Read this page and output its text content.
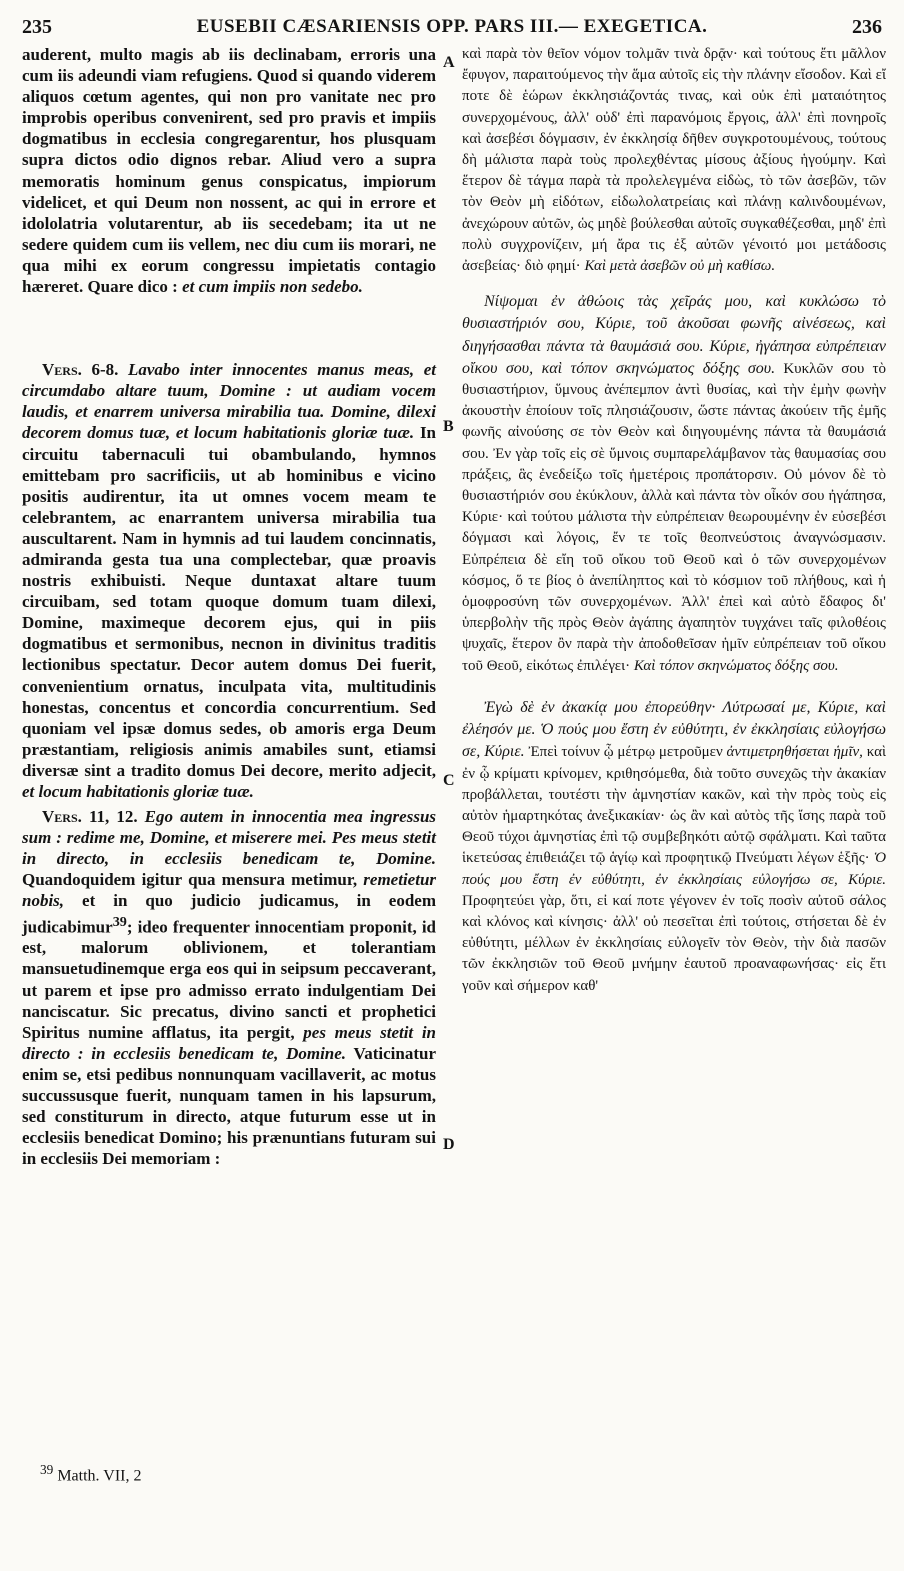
235	EUSEBII CÆSARIENSIS OPP. PARS III.— EXEGETICA.	236

auderent, multo magis ab iis declinabam, erroris una cum iis adeundi viam refugiens. Quod si quando viderem aliquos cœtum agentes, qui non pro vanitate nec pro improbis operibus convenirent, sed pro pravis et impiis dogmatibus in ecclesia congregarentur, hos plusquam supra dictos odio dignos rebar. Aliud vero a supra memoratis hominum genus conspicatus, impiorum videlicet, et qui Deum non nossent, ac qui in errore et idololatria volutarentur, ab iis secedebam; ita ut ne sedere quidem cum iis vellem, nec diu cum iis morari, ne qua mihi ex eorum congressu impietatis contagio hæreret. Quare dico : et cum impiis non sedebo.

Vers. 6-8. Lavabo inter innocentes manus meas, et circumdabo altare tuum, Domine : ut audiam vocem laudis, et enarrem universa mirabilia tua. Domine, dilexi decorem domus tuæ, et locum habitationis gloriæ tuæ. In circuitu tabernaculi tui obambulando, hymnos emittebam pro sacrificiis, ut ab hominibus e vicino positis audirentur, ita ut omnes vocem meam te celebrantem, ac enarrantem universa mirabilia tua auscultarent. Nam in hymnis ad tui laudem concinnatis, admiranda gesta tua una complectebar, quæ proavis nostris exhibuisti. Neque duntaxat altare tuum circuibam, sed totam quoque domum tuam dilexi, Domine, maximeque decorem ejus, qui in piis dogmatibus et sermonibus, necnon in divinitus traditis lectionibus spectatur. Decor autem domus Dei fuerit, convenientium ornatus, inculpata vita, multitudinis honestas, concentus et concordia concurrentium. Sed quoniam vel ipsæ domus sedes, ob amoris erga Deum præstantiam, religiosis animis amabiles sunt, etiamsi diversæ sint a tradito domus Dei decore, merito adjecit, et locum habitationis gloriæ tuæ.

Vers. 11, 12. Ego autem in innocentia mea ingressus sum : redime me, Domine, et miserere mei. Pes meus stetit in directo, in ecclesiis benedicam te, Domine. Quandoquidem igitur qua mensura metimur, remetietur nobis, et in quo judicio judicamus, in eodem judicabimur$^{39}$; ideo frequenter innocentiam proponit, id est, malorum oblivionem, et tolerantiam mansuetudinemque erga eos qui in seipsum peccaverant, ut parem et ipse pro admisso errato indulgentiam Dei nanciscatur. Sic precatus, divino sancti et prophetici Spiritus numine afflatus, ita pergit, pes meus stetit in directo : in ecclesiis benedicam te, Domine. Vaticinatur enim se, etsi pedibus nonnunquam vacillaverit, ac motus succussusque fuerit, nunquam tamen in his lapsurum, sed constiturum in directo, atque futurum esse ut in ecclesiis benedicat Domino; his prænuntians futuram sui in ecclesiis Dei memoriam :

A
B
C
D

καὶ παρὰ τὸν θεῖον νόμον τολμᾶν τινὰ δρᾷν· καὶ τούτους ἔτι μᾶλλον ἔφυγον, παραιτούμενος τὴν ἅμα αὐτοῖς εἰς τὴν πλάνην εἴσοδον. Καὶ εἴ ποτε δὲ ἑώρων ἐκκλησιάζοντάς τινας, καὶ οὐκ ἐπὶ ματαιότητος συνερχομένους, ἀλλ' οὐδ' ἐπὶ παρανόμοις ἔργοις, ἀλλ' ἐπὶ πονηροῖς καὶ ἀσεβέσι δόγμασιν, ἐν ἐκκλησίᾳ δῆθεν συγκροτουμένους, τούτους δὴ μάλιστα παρὰ τοὺς προλεχθέντας μίσους ἀξίους ἡγούμην. Καὶ ἕτερον δὲ τάγμα παρὰ τὰ προλελεγμένα εἰδὼς, τὸ τῶν ἀσεβῶν, τῶν τὸν Θεὸν μὴ εἰδότων, εἰδωλολατρείαις καὶ πλάνῃ καλινδουμένων, ἀνεχώρουν αὐτῶν, ὡς μηδὲ βούλεσθαι αὐτοῖς συγκαθέζεσθαι, μηδ' ἐπὶ πολὺ συγχρονίζειν, μή ἄρα τις ἐξ αὐτῶν γένοιτό μοι μετάδοσις ἀσεβείας· διὸ φημί· Καὶ μετὰ ἀσεβῶν οὐ μὴ καθίσω.

Νίψομαι ἐν ἀθώοις τὰς χεῖράς μου, καὶ κυκλώσω τὸ θυσιαστήριόν σου, Κύριε, τοῦ ἀκοῦσαι φωνῆς αἰνέσεως, καὶ διηγήσασθαι πάντα τὰ θαυμάσιά σου. Κύριε, ἠγάπησα εὐπρέπειαν οἴκου σου, καὶ τόπον σκηνώματος δόξης σου. Κυκλῶν σου τὸ θυσιαστήριον, ὕμνους ἀνέπεμπον ἀντὶ θυσίας, καὶ τὴν ἐμὴν φωνὴν ἀκουστὴν ἐποίουν τοῖς πλησιάζουσιν, ὥστε πάντας ἀκούειν τῆς ἐμῆς φωνῆς αἰνούσης σε τὸν Θεὸν καὶ διηγουμένης πάντα τὰ θαυμάσιά σου. Ἐν γὰρ τοῖς εἰς σὲ ὕμνοις συμπαρελάμβανον τὰς θαυμασίας σου πράξεις, ἃς ἐνεδείξω τοῖς ἡμετέροις προπάτορσιν. Οὐ μόνον δὲ τὸ θυσιαστήριόν σου ἐκύκλουν, ἀλλὰ καὶ πάντα τὸν οἶκόν σου ἠγάπησα, Κύριε· καὶ τούτου μάλιστα τὴν εὐπρέπειαν θεωρουμένην ἐν εὐσεβέσι δόγμασι καὶ λόγοις, ἔν τε τοῖς θεοπνεύστοις ἀναγνώσμασιν. Εὐπρέπεια δὲ εἴη τοῦ οἴκου τοῦ Θεοῦ καὶ ὁ τῶν συνερχομένων κόσμος, ὅ τε βίος ὁ ἀνεπίληπτος καὶ τὸ κόσμιον τοῦ πλήθους, καὶ ἡ ὁμοφροσύνη τῶν συνερχομένων. Ἀλλ' ἐπεὶ καὶ αὐτὸ ἔδαφος δι' ὑπερβολὴν τῆς πρὸς Θεὸν ἀγάπης ἀγαπητὸν τυγχάνει ταῖς φιλοθέοις ψυχαῖς, ἕτερον ὂν παρὰ τὴν ἀποδοθεῖσαν ἡμῖν εὐπρέπειαν τοῦ οἴκου τοῦ Θεοῦ, εἰκότως ἐπιλέγει· Καὶ τόπον σκηνώματος δόξης σου.

Ἐγὼ δὲ ἐν ἀκακίᾳ μου ἐπορεύθην· Λύτρωσαί με, Κύριε, καὶ ἐλέησόν με. Ὁ πούς μου ἔστη ἐν εὐθύτητι, ἐν ἐκκλησίαις εὐλογήσω σε, Κύριε. Ἐπεὶ τοίνυν ᾧ μέτρῳ μετροῦμεν ἀντιμετρηθήσεται ἡμῖν, καὶ ἐν ᾧ κρίματι κρίνομεν, κριθησόμεθα, διὰ τοῦτο συνεχῶς τὴν ἀκακίαν προβάλλεται, τουτέστι τὴν ἀμνηστίαν κακῶν, καὶ τὴν πρὸς τοὺς εἰς αὐτὸν ἡμαρτηκότας ἀνεξικακίαν· ὡς ἂν καὶ αὐτὸς τῆς ἴσης παρὰ τοῦ Θεοῦ τύχοι ἀμνηστίας ἐπὶ τῷ συμβεβηκότι αὐτῷ σφάλματι. Καὶ ταῦτα ἱκετεύσας ἐπιθειάζει τῷ ἁγίῳ καὶ προφητικῷ Πνεύματι λέγων ἑξῆς· Ὁ πούς μου ἔστη ἐν εὐθύτητι, ἐν ἐκκλησίαις εὐλογήσω σε, Κύριε. Προφητεύει γὰρ, ὅτι, εἰ καί ποτε γέγονεν ἐν τοῖς ποσὶν αὐτοῦ σάλος καὶ κλόνος καὶ κίνησις· ἀλλ' οὐ πεσεῖται ἐπὶ τούτοις, στήσεται δὲ ἐν εὐθύτητι, μέλλων ἐν ἐκκλησίαις εὐλογεῖν τὸν Θεὸν, τὴν διὰ πασῶν τῶν ἐκκλησιῶν τοῦ Θεοῦ μνήμην ἑαυτοῦ προαναφωνήσας· εἰς ἔτι γοῦν καὶ σήμερον καθ'

$^{39}$ Matth. VII, 2
